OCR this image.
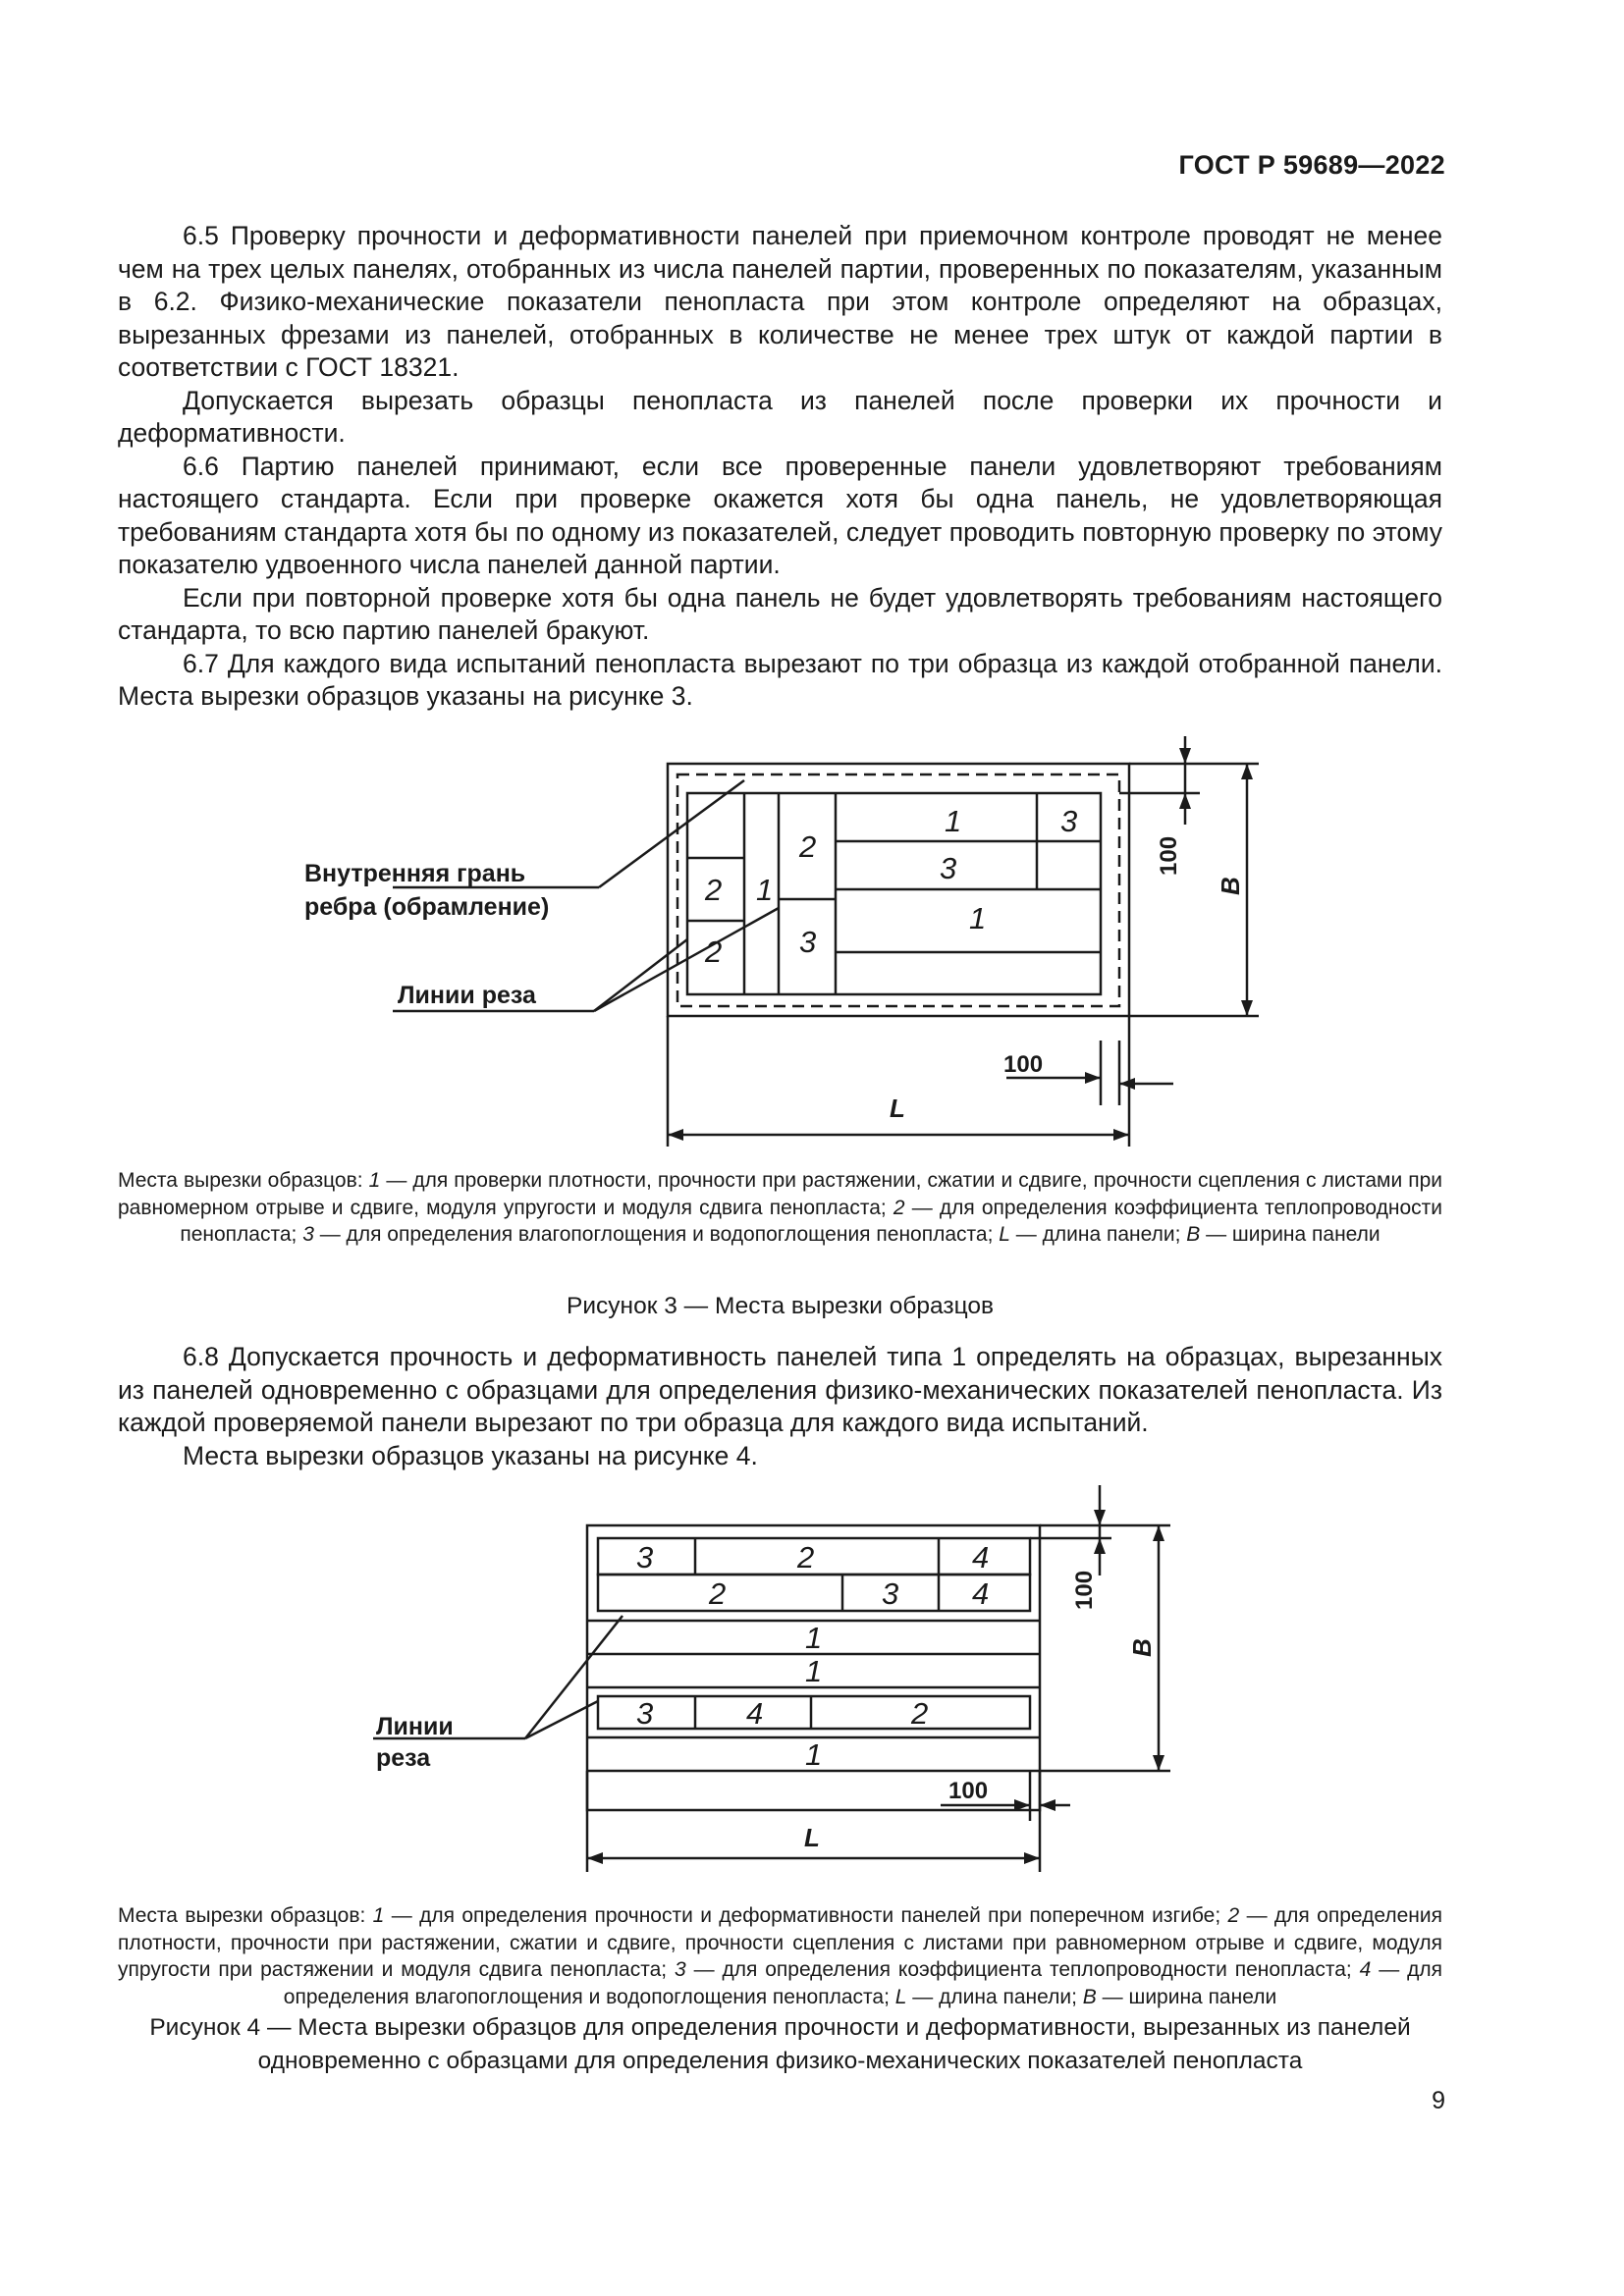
ГОСТ Р 59689—2022

6.5 Проверку прочности и деформативности панелей при приемочном контроле проводят не менее чем на трех целых панелях, отобранных из числа панелей партии, проверенных по показателям, указанным в 6.2. Физико-механические показатели пенопласта при этом контроле определяют на образцах, вырезанных фрезами из панелей, отобранных в количестве не менее трех штук от каждой партии в соответствии с ГОСТ 18321.

Допускается вырезать образцы пенопласта из панелей после проверки их прочности и деформативности.

6.6 Партию панелей принимают, если все проверенные панели удовлетворяют требованиям настоящего стандарта. Если при проверке окажется хотя бы одна панель, не удовлетворяющая требованиям стандарта хотя бы по одному из показателей, следует проводить повторную проверку по этому показателю удвоенного числа панелей данной партии.

Если при повторной проверке хотя бы одна панель не будет удовлетворять требованиям настоящего стандарта, то всю партию панелей бракуют.

6.7 Для каждого вида испытаний пенопласта вырезают по три образца из каждой отобранной панели. Места вырезки образцов указаны на рисунке 3.

Внутренняя грань
ребра (обрамление)
Линии реза
1	3
2
3
2 1
1
2	3
100
B
100
L

Места вырезки образцов: 1 — для проверки плотности, прочности при растяжении, сжатии и сдвиге, прочности сцепления с листами при равномерном отрыве и сдвиге, модуля упругости и модуля сдвига пенопласта; 2 — для определения коэффициента теплопроводности пенопласта; 3 — для определения влагопоглощения и водопоглощения пенопласта; L — длина панели; B — ширина панели

Рисунок 3 — Места вырезки образцов

6.8 Допускается прочность и деформативность панелей типа 1 определять на образцах, вырезанных из панелей одновременно с образцами для определения физико-механических показателей пенопласта. Из каждой проверяемой панели вырезают по три образца для каждого вида испытаний.

Места вырезки образцов указаны на рисунке 4.

Линии
реза
3	2	4
2	3 4
1
1
3	4	2
1
100
B
100
L

Места вырезки образцов: 1 — для определения прочности и деформативности панелей при поперечном изгибе; 2 — для определения плотности, прочности при растяжении, сжатии и сдвиге, прочности сцепления с листами при равномерном отрыве и сдвиге, модуля упругости при растяжении и модуля сдвига пенопласта; 3 — для определения коэффициента теплопроводности пенопласта; 4 — для определения влагопоглощения и водопоглощения пенопласта; L — длина панели; B — ширина панели

Рисунок 4 — Места вырезки образцов для определения прочности и деформативности, вырезанных из панелей
одновременно с образцами для определения физико-механических показателей пенопласта
9
